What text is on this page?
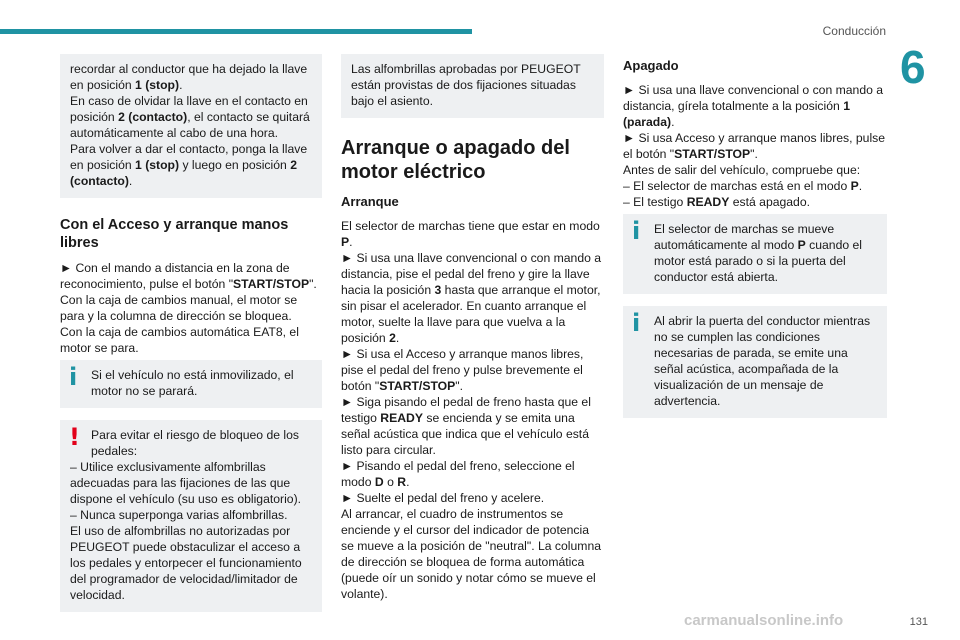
Conducción
6
131

recordar al conductor que ha dejado la llave en posición 1 (stop).
En caso de olvidar la llave en el contacto en posición 2 (contacto), el contacto se quitará automáticamente al cabo de una hora.
Para volver a dar el contacto, ponga la llave en posición 1 (stop) y luego en posición 2 (contacto).

Con el Acceso y arranque manos libres

► Con el mando a distancia en la zona de reconocimiento, pulse el botón "START/STOP".

Con la caja de cambios manual, el motor se para y la columna de dirección se bloquea.

Con la caja de cambios automática EAT8, el motor se para.

i Si el vehículo no está inmovilizado, el motor no se parará.

! Para evitar el riesgo de bloqueo de los pedales:

– Utilice exclusivamente alfombrillas adecuadas para las fijaciones de las que dispone el vehículo (su uso es obligatorio).

– Nunca superponga varias alfombrillas.

El uso de alfombrillas no autorizadas por PEUGEOT puede obstaculizar el acceso a los pedales y entorpecer el funcionamiento del programador de velocidad/limitador de velocidad.

Las alfombrillas aprobadas por PEUGEOT están provistas de dos fijaciones situadas bajo el asiento.

Arranque o apagado del motor eléctrico
Arranque

El selector de marchas tiene que estar en modo P.

► Si usa una llave convencional o con mando a distancia, pise el pedal del freno y gire la llave hacia la posición 3 hasta que arranque el motor, sin pisar el acelerador. En cuanto arranque el motor, suelte la llave para que vuelva a la posición 2.

► Si usa el Acceso y arranque manos libres, pise el pedal del freno y pulse brevemente el botón "START/STOP".

► Siga pisando el pedal de freno hasta que el testigo READY se encienda y se emita una señal acústica que indica que el vehículo está listo para circular.

► Pisando el pedal del freno, seleccione el modo D o R.

► Suelte el pedal del freno y acelere.

Al arrancar, el cuadro de instrumentos se enciende y el cursor del indicador de potencia se mueve a la posición de "neutral". La columna de dirección se bloquea de forma automática (puede oír un sonido y notar cómo se mueve el volante).

Apagado

► Si usa una llave convencional o con mando a distancia, gírela totalmente a la posición 1 (parada).

► Si usa Acceso y arranque manos libres, pulse el botón "START/STOP".

Antes de salir del vehículo, compruebe que:

– El selector de marchas está en el modo P.

– El testigo READY está apagado.

i El selector de marchas se mueve automáticamente al modo P cuando el motor está parado o si la puerta del conductor está abierta.

i Al abrir la puerta del conductor mientras no se cumplen las condiciones necesarias de parada, se emite una señal acústica, acompañada de la visualización de un mensaje de advertencia.

carmanualsonline.info
